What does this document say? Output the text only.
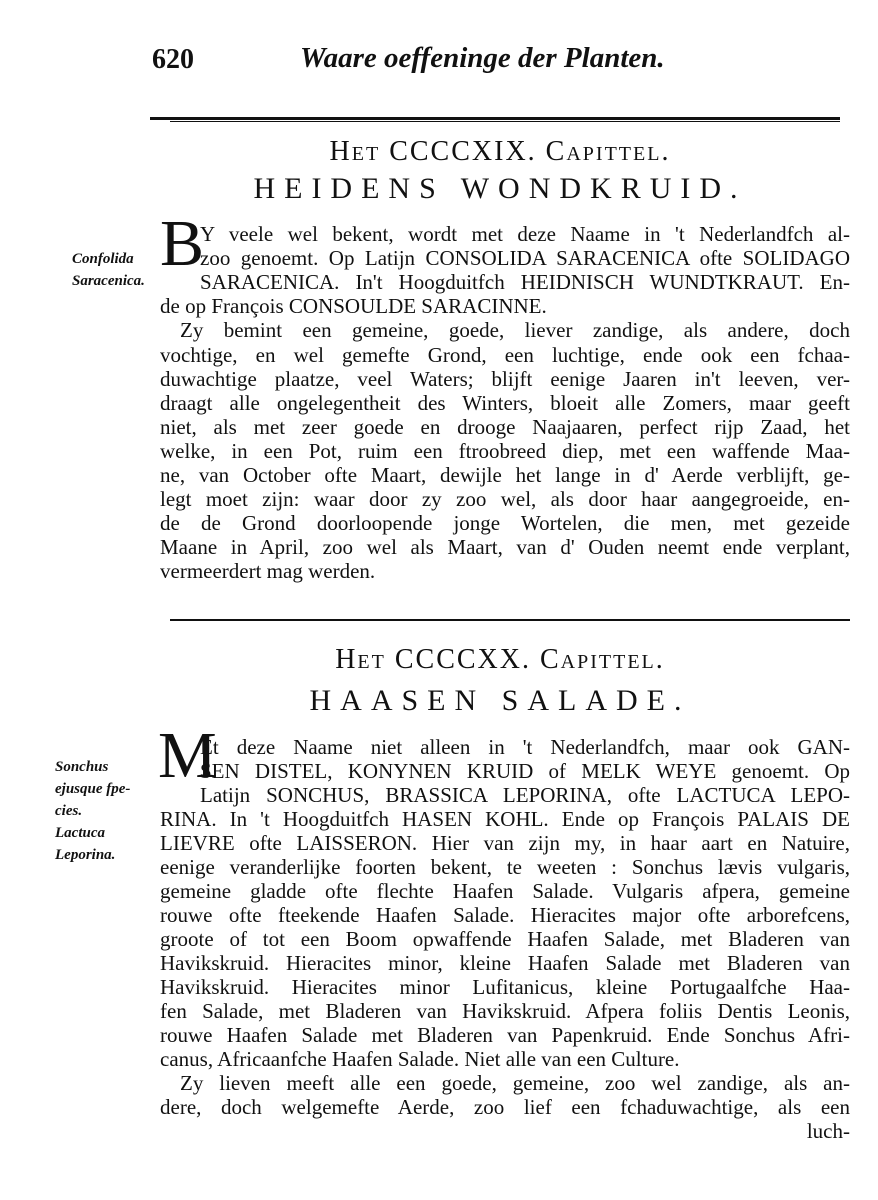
620	Waare oeffeninge der Planten.
Het CCCCXIX. Capittel.
HEIDENS WONDKRUID.
B
Confolida
Saracenica.
Y veele wel bekent, wordt met deze Naame in 't Nederlandfch al-
zoo genoemt. Op Latijn CONSOLIDA SARACENICA ofte SOLIDAGO
SARACENICA. In't Hoogduitfch HEIDNISCH WUNDTKRAUT. En-
de op François CONSOULDE SARACINNE.
Zy bemint een gemeine, goede, liever zandige, als andere, doch
vochtige, en wel gemefte Grond, een luchtige, ende ook een fchaa-
duwachtige plaatze, veel Waters; blijft eenige Jaaren in't leeven, ver-
draagt alle ongelegentheit des Winters, bloeit alle Zomers, maar geeft
niet, als met zeer goede en drooge Naajaaren, perfect rijp Zaad, het
welke, in een Pot, ruim een ftroobreed diep, met een waffende Maa-
ne, van October ofte Maart, dewijle het lange in d' Aerde verblijft, ge-
legt moet zijn: waar door zy zoo wel, als door haar aangegroeide, en-
de de Grond doorloopende jonge Wortelen, die men, met gezeide
Maane in April, zoo wel als Maart, van d' Ouden neemt ende verplant,
vermeerdert mag werden.
Het CCCCXX. Capittel.
HAASEN SALADE.
M
Sonchus
ejusque fpe-
cies.
Lactuca
Leporina.
Et deze Naame niet alleen in 't Nederlandfch, maar ook GAN-
SEN DISTEL, KONYNEN KRUID of MELK WEYE genoemt. Op
Latijn SONCHUS, BRASSICA LEPORINA, ofte LACTUCA LEPO-
RINA. In 't Hoogduitfch HASEN KOHL. Ende op François PALAIS DE
LIEVRE ofte LAISSERON. Hier van zijn my, in haar aart en Natuire,
eenige veranderlijke foorten bekent, te weeten : Sonchus lævis vulgaris,
gemeine gladde ofte flechte Haafen Salade. Vulgaris afpera, gemeine
rouwe ofte fteekende Haafen Salade. Hieracites major ofte arborefcens,
groote of tot een Boom opwaffende Haafen Salade, met Bladeren van
Havikskruid. Hieracites minor, kleine Haafen Salade met Bladeren van
Havikskruid. Hieracites minor Lufitanicus, kleine Portugaalfche Haa-
fen Salade, met Bladeren van Havikskruid. Afpera foliis Dentis Leonis,
rouwe Haafen Salade met Bladeren van Papenkruid. Ende Sonchus Afri-
canus, Africaanfche Haafen Salade. Niet alle van een Culture.
Zy lieven meeft alle een goede, gemeine, zoo wel zandige, als an-
dere, doch welgemefte Aerde, zoo lief een fchaduwachtige, als een
luch-
